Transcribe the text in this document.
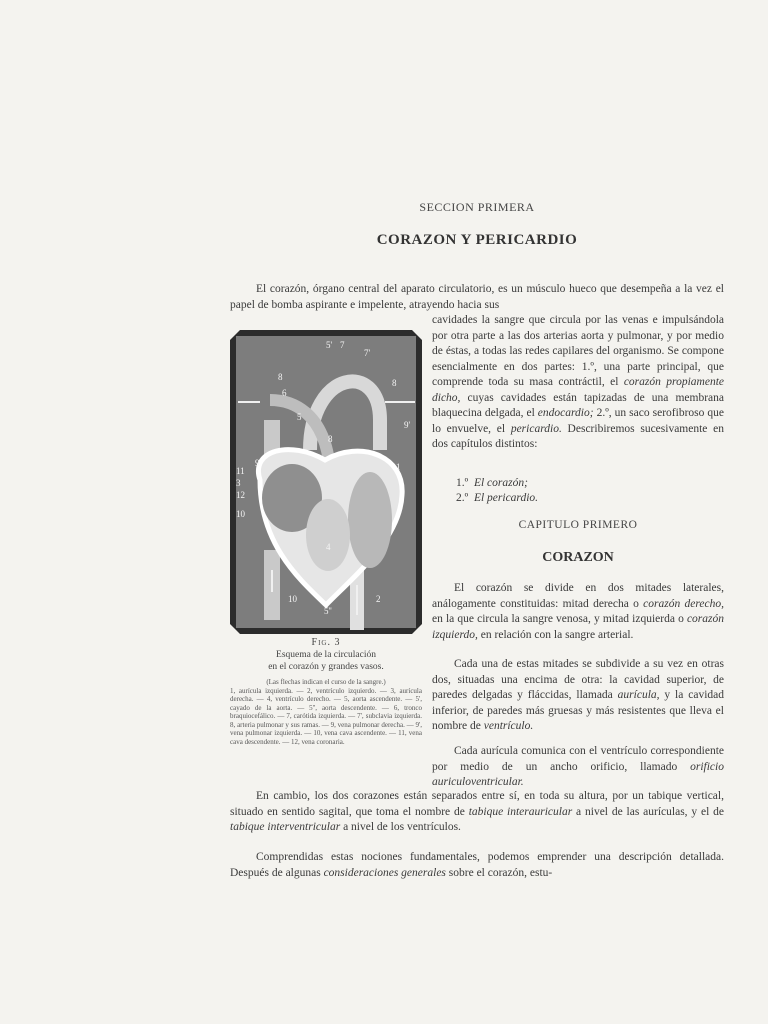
SECCION PRIMERA
CORAZON Y PERICARDIO

El corazón, órgano central del aparato circulatorio, es un músculo hueco que desempeña a la vez el papel de bomba aspirante e impelente, atrayendo hacia sus

cavidades la sangre que circula por las venas e impulsándola por otra parte a las dos arterias aorta y pulmonar, y por medio de éstas, a todas las redes capilares del organismo. Se compone esencialmente en dos partes: 1.º, una parte principal, que comprende toda su masa contráctil, el corazón propiamente dicho, cuyas cavidades están tapizadas de una membrana blaquecina delgada, el endocardio; 2.º, un saco serofibroso que lo envuelve, el pericardio. Describiremos sucesivamente en dos capítulos distintos:

1.º El corazón;
2.º El pericardio.
CAPITULO PRIMERO
CORAZON

El corazón se divide en dos mitades laterales, análogamente constituidas: mitad derecha o corazón derecho, en la que circula la sangre venosa, y mitad izquierda o corazón izquierdo, en relación con la sangre arterial.

Cada una de estas mitades se subdivide a su vez en otras dos, situadas una encima de otra: la cavidad superior, de paredes delgadas y fláccidas, llamada aurícula, y la cavidad inferior, de paredes más gruesas y más resistentes que lleva el nombre de ventrículo.

Cada aurícula comunica con el ventrículo correspondiente por medio de un ancho orificio, llamado orificio auriculoventricular.

En cambio, los dos corazones están separados entre sí, en toda su altura, por un tabique vertical, situado en sentido sagital, que toma el nombre de tabique interauricular a nivel de las aurículas, y el de tabique interventricular a nivel de los ventrículos.

Comprendidas estas nociones fundamentales, podemos emprender una descripción detallada. Después de algunas consideraciones generales sobre el corazón, estu-

5' 7
7'
8
8
6
5
8
9
9'
1
11
3
12
10
4
10
5''
2
Fig. 3
Esquema de la circulación
en el corazón y grandes vasos.
(Las flechas indican el curso de la sangre.)
1, aurícula izquierda. — 2, ventrículo izquierdo. — 3, aurícula derecha. — 4, ventrículo derecho. — 5, aorta ascendente. — 5', cayado de la aorta. — 5'', aorta descendente. — 6, tronco braquiocefálico. — 7, carótida izquierda. — 7', subclavia izquierda. 8, arteria pulmonar y sus ramas. — 9, vena pulmonar derecha. — 9', vena pulmonar izquierda. — 10, vena cava ascendente. — 11, vena cava descendente. — 12, vena coronaria.
